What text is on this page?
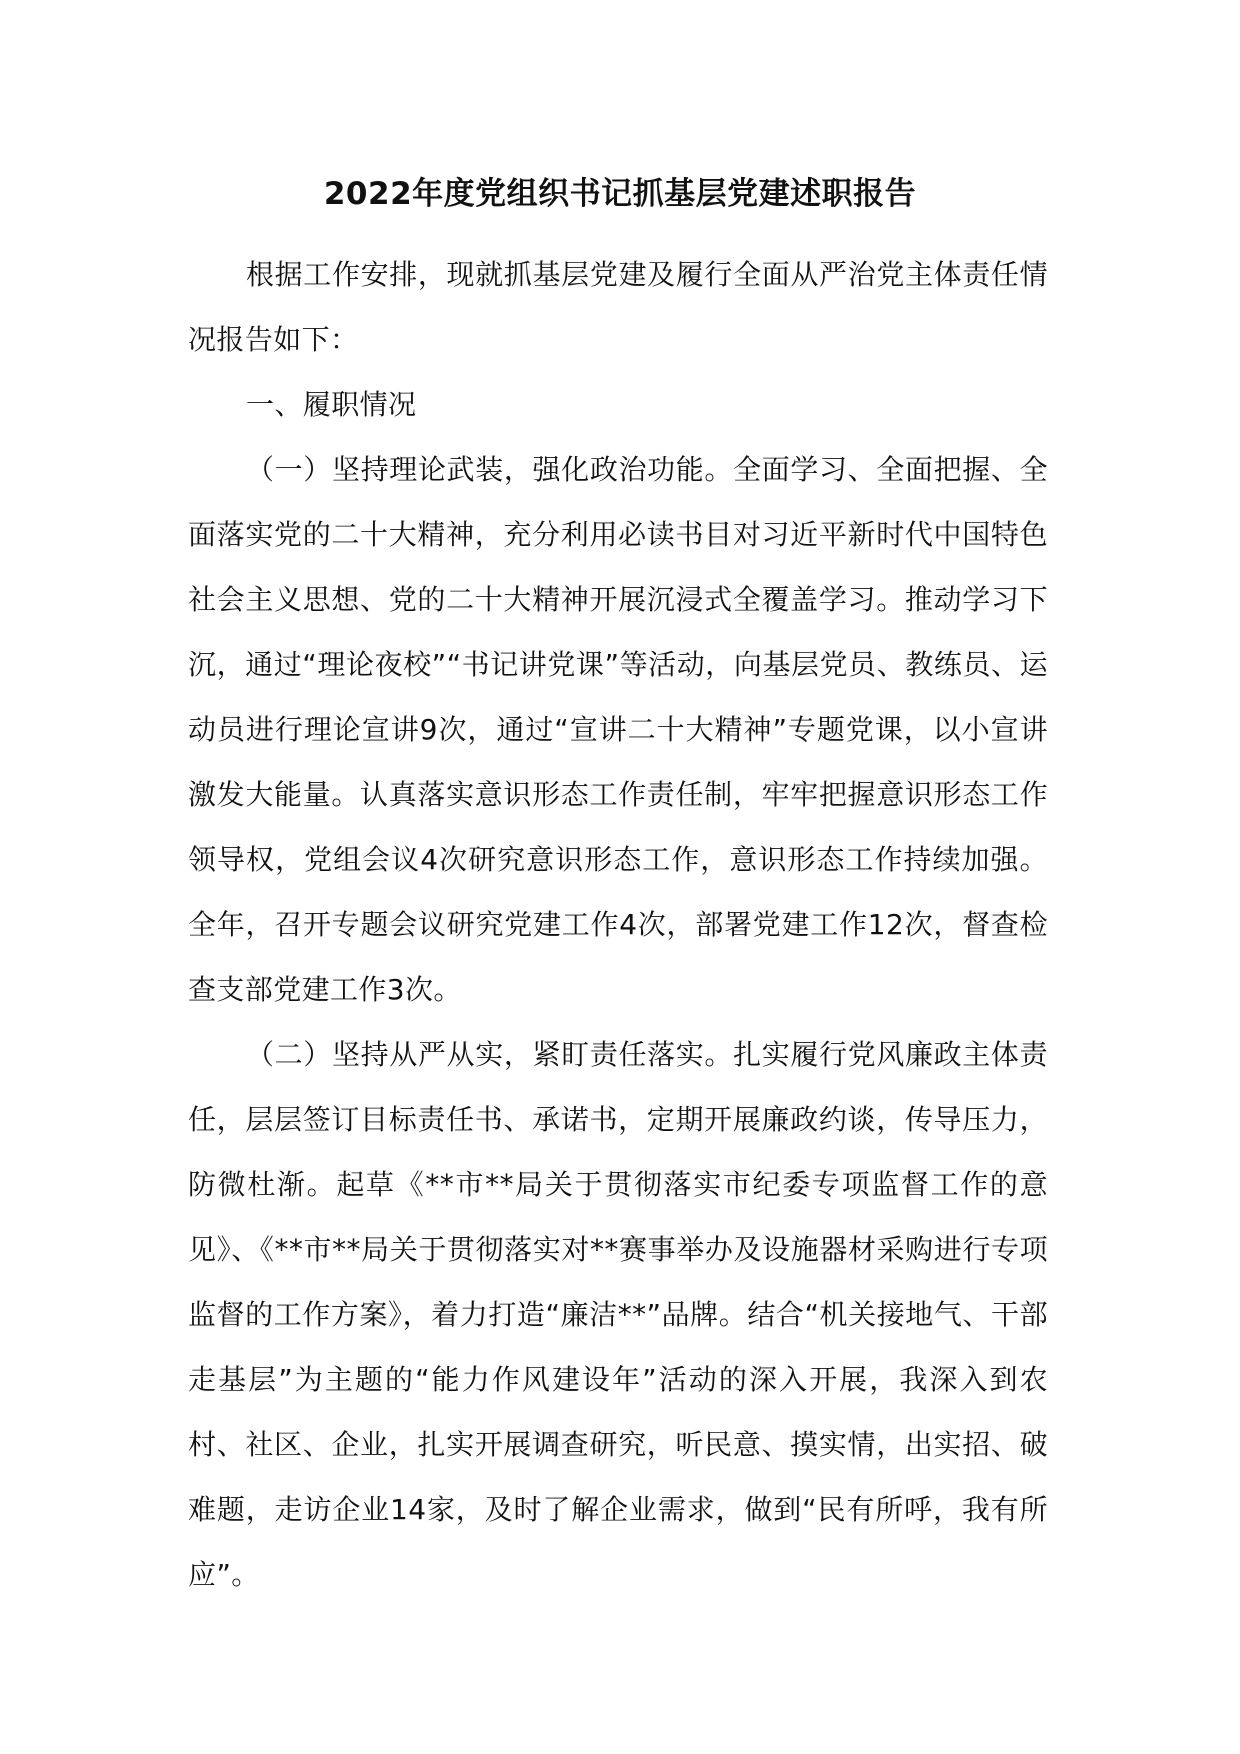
2022年度党组织书记抓基层党建述职报告

根据工作安排，现就抓基层党建及履行全面从严治党主体责任情况报告如下：

一、履职情况

（一）坚持理论武装，强化政治功能。全面学习、全面把握、全面落实党的二十大精神，充分利用必读书目对习近平新时代中国特色社会主义思想、党的二十大精神开展沉浸式全覆盖学习。推动学习下沉，通过“理论夜校”“书记讲党课”等活动，向基层党员、教练员、运动员进行理论宣讲9次，通过“宣讲二十大精神”专题党课，以小宣讲激发大能量。认真落实意识形态工作责任制，牢牢把握意识形态工作领导权，党组会议4次研究意识形态工作，意识形态工作持续加强。全年，召开专题会议研究党建工作4次，部署党建工作12次，督查检查支部党建工作3次。

（二）坚持从严从实，紧盯责任落实。扎实履行党风廉政主体责任，层层签订目标责任书、承诺书，定期开展廉政约谈，传导压力，防微杜渐。起草《**市**局关于贯彻落实市纪委专项监督工作的意见》、《**市**局关于贯彻落实对**赛事举办及设施器材采购进行专项监督的工作方案》，着力打造“廉洁**”品牌。结合“机关接地气、干部走基层”为主题的“能力作风建设年”活动的深入开展，我深入到农村、社区、企业，扎实开展调查研究，听民意、摸实情，出实招、破难题，走访企业14家，及时了解企业需求，做到“民有所呼，我有所应”。
